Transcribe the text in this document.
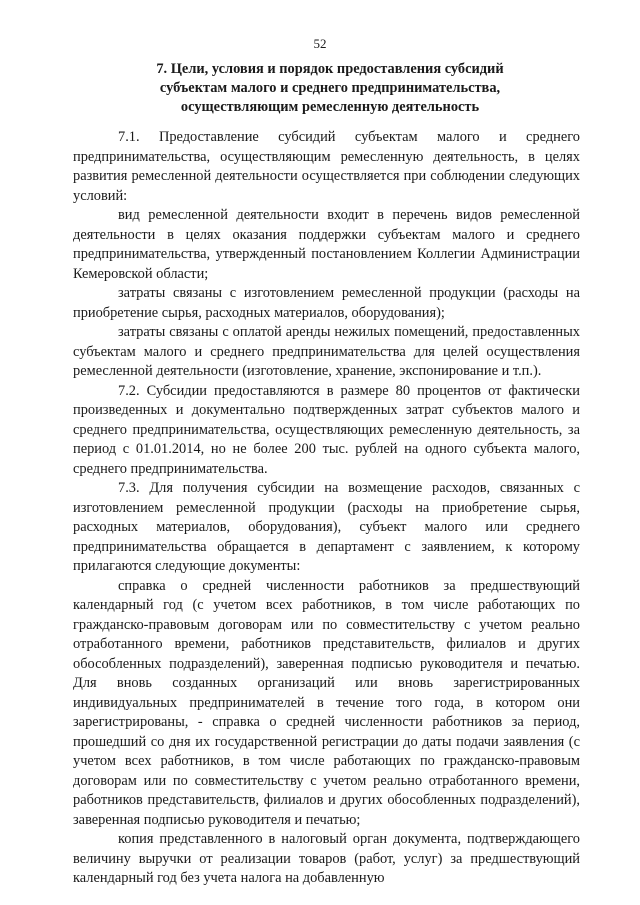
52
7. Цели, условия и порядок предоставления субсидий
субъектам малого и среднего предпринимательства,
осуществляющим ремесленную деятельность

7.1. Предоставление субсидий субъектам малого и среднего предпринимательства, осуществляющим ремесленную деятельность, в целях развития ремесленной деятельности осуществляется при соблюдении следующих условий:

вид ремесленной деятельности входит в перечень видов ремесленной деятельности в целях оказания поддержки субъектам малого и среднего предпринимательства, утвержденный постановлением Коллегии Администрации Кемеровской области;

затраты связаны с изготовлением ремесленной продукции (расходы на приобретение сырья, расходных материалов, оборудования);

затраты связаны с оплатой аренды нежилых помещений, предоставленных субъектам малого и среднего предпринимательства для целей осуществления ремесленной деятельности (изготовление, хранение, экспонирование и т.п.).

7.2. Субсидии предоставляются в размере 80 процентов от фактически произведенных и документально подтвержденных затрат субъектов малого и среднего предпринимательства, осуществляющих ремесленную деятельность, за период с 01.01.2014, но не более 200 тыс. рублей на одного субъекта малого, среднего предпринимательства.

7.3. Для получения субсидии на возмещение расходов, связанных с изготовлением ремесленной продукции (расходы на приобретение сырья, расходных материалов, оборудования), субъект малого или среднего предпринимательства обращается в департамент с заявлением, к которому прилагаются следующие документы:

справка о средней численности работников за предшествующий календарный год (с учетом всех работников, в том числе работающих по гражданско-правовым договорам или по совместительству с учетом реально отработанного времени, работников представительств, филиалов и других обособленных подразделений), заверенная подписью руководителя и печатью. Для вновь созданных организаций или вновь зарегистрированных индивидуальных предпринимателей в течение того года, в котором они зарегистрированы, - справка о средней численности работников за период, прошедший со дня их государственной регистрации до даты подачи заявления (с учетом всех работников, в том числе работающих по гражданско-правовым договорам или по совместительству с учетом реально отработанного времени, работников представительств, филиалов и других обособленных подразделений), заверенная подписью руководителя и печатью;

копия представленного в налоговый орган документа, подтверждающего величину выручки от реализации товаров (работ, услуг) за предшествующий календарный год без учета налога на добавленную
